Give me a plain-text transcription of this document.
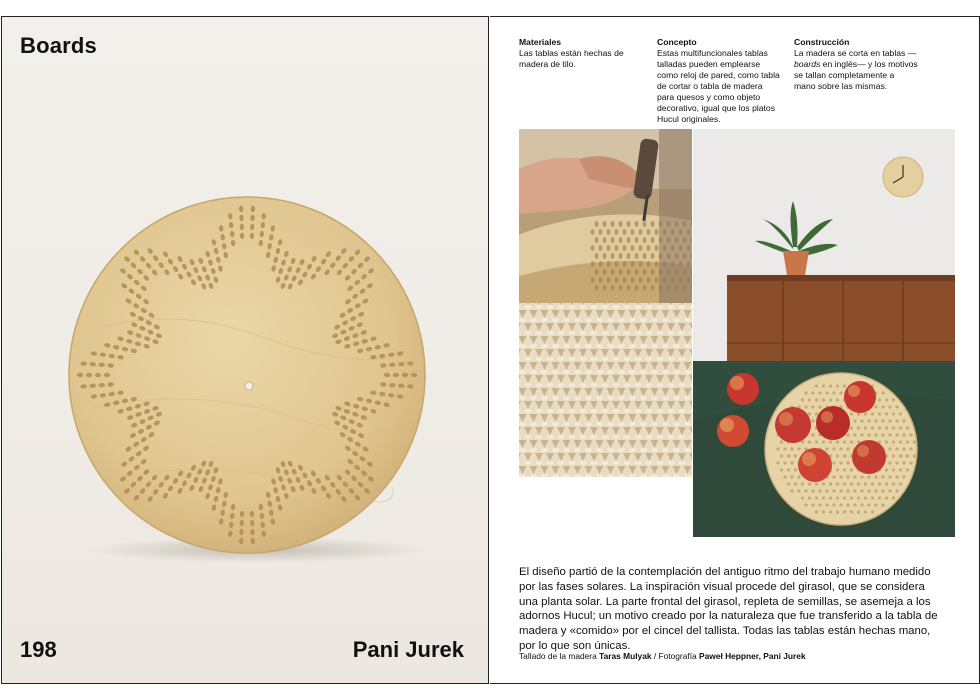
Boards
198	Pani Jurek
Materiales

Las tablas están hechas de madera de tilo.

Concepto

Estas multifuncionales tablas talladas pueden emplearse como reloj de pared, como tabla de cortar o tabla de madera para quesos y como objeto decorativo, igual que los platos Hucul originales.

Construcción

La madera se corta en tablas —boards en inglés— y los motivos se tallan completamente a mano sobre las mismas.

El diseño partió de la contemplación del antiguo ritmo del trabajo humano medido por las fases solares. La inspiración visual procede del girasol, que se considera una planta solar. La parte frontal del girasol, repleta de semillas, se asemeja a los adornos Hucul; un motivo creado por la naturaleza que fue transferido a la tabla de madera y «comido» por el cincel del tallista. Todas las tablas están hechas mano, por lo que son únicas.

Tallado de la madera Taras Mulyak / Fotografía Paweł Heppner, Pani Jurek
